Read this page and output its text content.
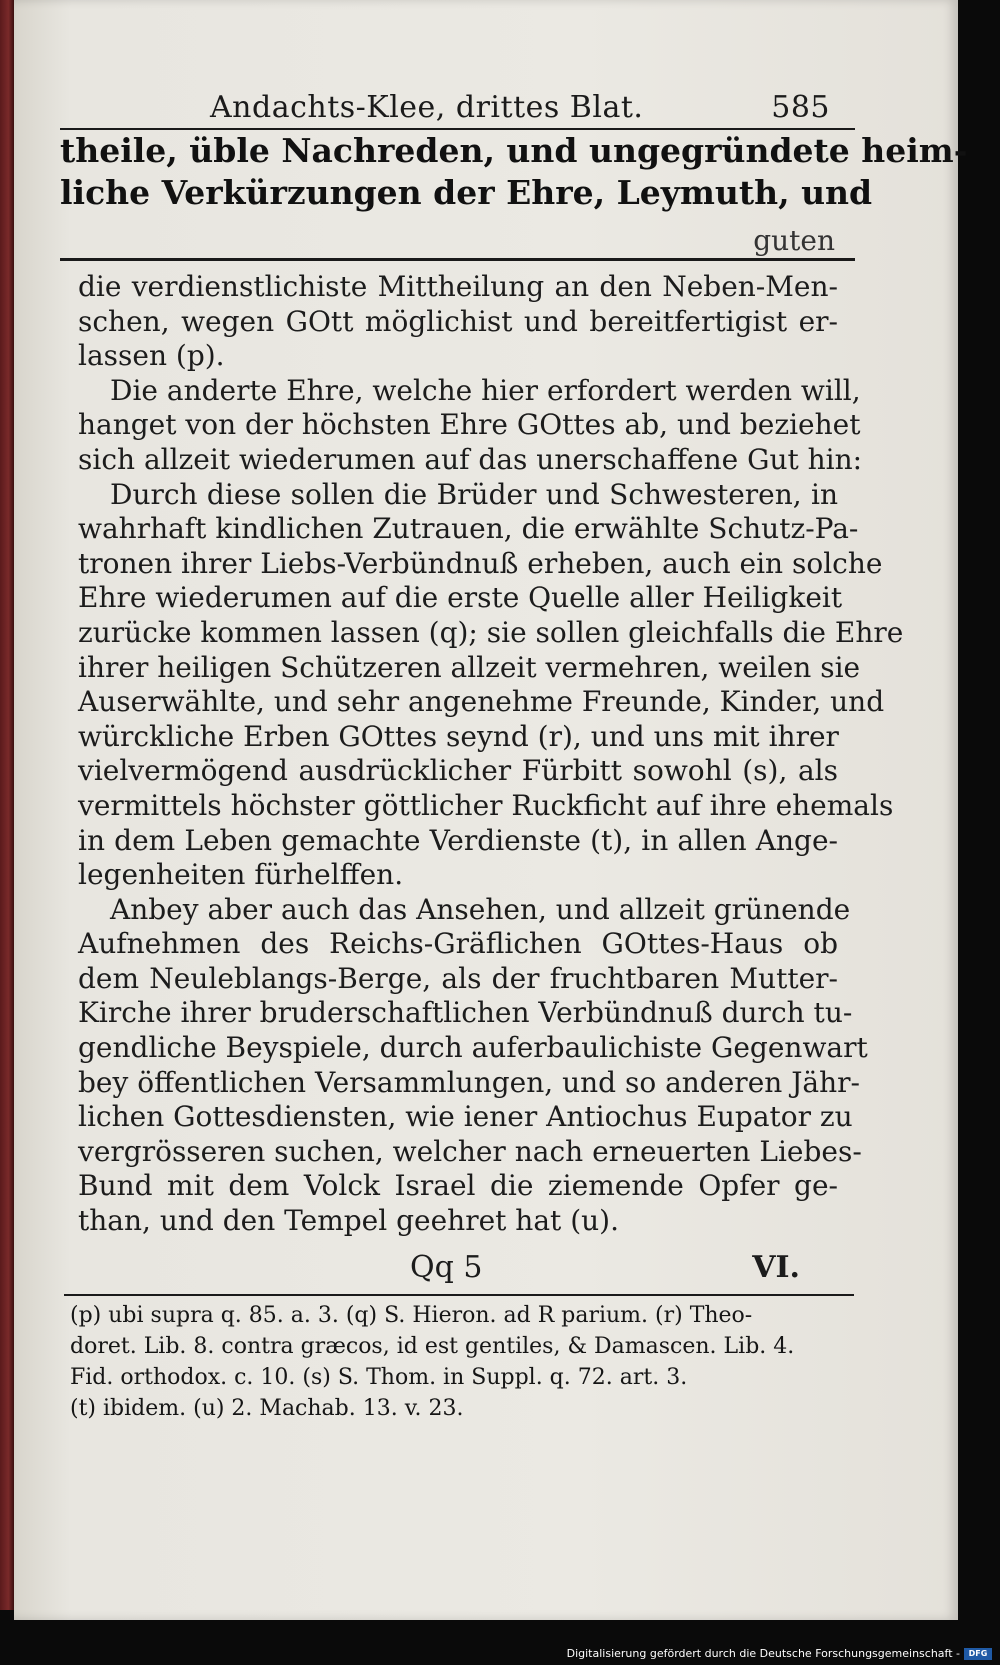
Andachts-Klee, drittes Blat.	585
theile, üble Nachreden, und ungegründete heim-
liche Verkürzungen der Ehre, Leymuth, und
guten
die verdienstlichiste Mittheilung an den Neben-Men-
schen, wegen GOtt möglichist und bereitfertigist er-
lassen (p).
Die anderte Ehre, welche hier erfordert werden will,
hanget von der höchsten Ehre GOttes ab, und beziehet
sich allzeit wiederumen auf das unerschaffene Gut hin:
Durch diese sollen die Brüder und Schwesteren, in
wahrhaft kindlichen Zutrauen, die erwählte Schutz-Pa-
tronen ihrer Liebs-Verbündnuß erheben, auch ein solche
Ehre wiederumen auf die erste Quelle aller Heiligkeit
zurücke kommen lassen (q); sie sollen gleichfalls die Ehre
ihrer heiligen Schützeren allzeit vermehren, weilen sie
Auserwählte, und sehr angenehme Freunde, Kinder, und
würckliche Erben GOttes seynd (r), und uns mit ihrer
vielvermögend ausdrücklicher Fürbitt sowohl (s), als
vermittels höchster göttlicher Ruckficht auf ihre ehemals
in dem Leben gemachte Verdienste (t), in allen Ange-
legenheiten fürhelffen.
Anbey aber auch das Ansehen, und allzeit grünende
Aufnehmen des Reichs-Gräflichen GOttes-Haus ob
dem Neuleblangs-Berge, als der fruchtbaren Mutter-
Kirche ihrer bruderschaftlichen Verbündnuß durch tu-
gendliche Beyspiele, durch auferbaulichiste Gegenwart
bey öffentlichen Versammlungen, und so anderen Jähr-
lichen Gottesdiensten, wie iener Antiochus Eupator zu
vergrösseren suchen, welcher nach erneuerten Liebes-
Bund mit dem Volck Israel die ziemende Opfer ge-
than, und den Tempel geehret hat (u).
Qq 5	VI.
(p) ubi supra q. 85. a. 3. (q) S. Hieron. ad R parium. (r) Theo-
doret. Lib. 8. contra græcos, id est gentiles, & Damascen. Lib. 4.
Fid. orthodox. c. 10. (s) S. Thom. in Suppl. q. 72. art. 3.
(t) ibidem. (u) 2. Machab. 13. v. 23.
Digitalisierung gefördert durch die Deutsche Forschungsgemeinschaft -	DFG
